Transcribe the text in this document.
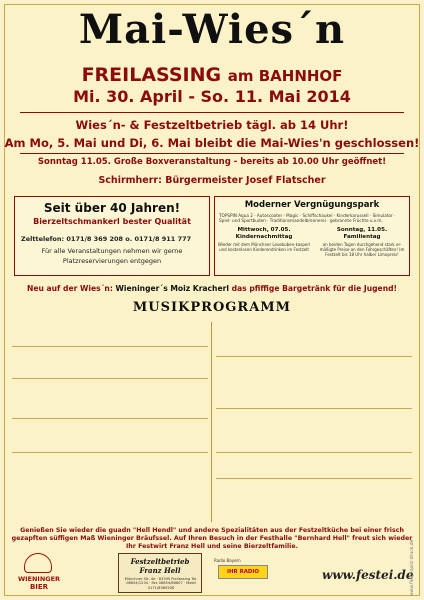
Mai-Wies´n
FREILASSING am BAHNHOF
Mi. 30. April - So. 11. Mai 2014
Wies´n- & Festzeltbetrieb tägl. ab 14 Uhr!
Am Mo, 5. Mai und Di, 6. Mai bleibt die Mai-Wies'n geschlossen!
Sonntag 11.05. Große Boxveranstaltung - bereits ab 10.00 Uhr geöffnet!
Schirmherr: Bürgermeister Josef Flatscher
Seit über 40 Jahren!
Bierzeltschmankerl bester Qualität
Zelttelefon: 0171/8 369 208 o. 0171/8 911 777
Für alle Veranstaltungen nehmen wir gerne
Platzreservierungen entgegen
Moderner Vergnügungspark
TOPSPIN Aqua 2 · Autoscooter · Magic · Schiffschaukel · Kinderkarussell · Simulator · Spiel- und Sportbuden · Traditionsmandelbrennerei · gebrannte Früchte u.v.m.
Mittwoch, 07.05.
Kindernachmittag
Wieder mit dem Münchner Lesebuben-kasperl und kostenlosen Kinderendrinken im Festzelt
Sonntag, 11.05.
Familientag
an beiden Tagen durchgehend stark er-mäßigte Preise an den Fahrgeschäften! Im Festzelt bis 18 Uhr halber Limopreis!
Neu auf der Wies´n: Wieninger´s Moiz Kracherl das pfiffige Bargetränk für die Jugend!
MUSIKPROGRAMM
Genießen Sie wieder die guadn "Hell Hendl" und andere Spezialitäten aus der Festzeltküche bei einer frisch
gezapften süffigen Maß Wieninger Bräufssel. Auf Ihren Besuch in der Festhalle "Bernhard Hell" freut sich wieder
Ihr Festwirt Franz Hell und seine Bierzeltfamilie.
WIENINGER
BIER
Festzeltbetrieb
Franz Hell
Münchner Str. 4b · 83395 Freilassing Tel. 08654/1234 · Fax 08654/66607 · Mobil 0171/8369208
Radio Bayern
IHR RADIO	www.festei.de
www.fliegenpilz-druck.de
